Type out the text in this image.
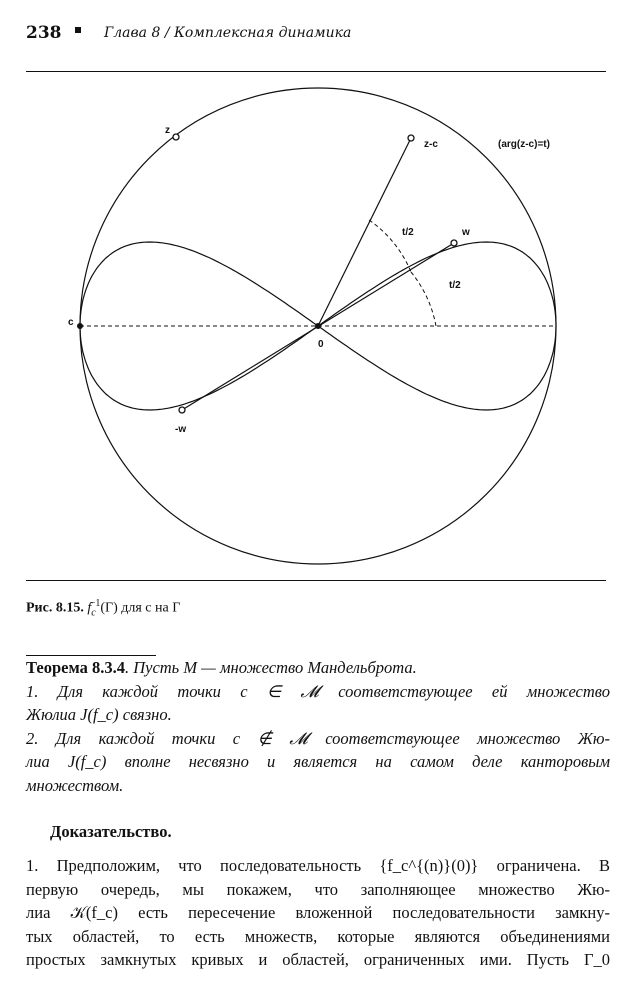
238	Глава 8 / Комплексная динамика
z
z-c	(arg(z-c)=t)
t/2	w
t/2
c
0
-w
Рис. 8.15. $f_c^{-1}(\Gamma)$ для c на Γ
Теорема 8.3.4. Пусть M — множество Мандельброта.
1. Для каждой точки c ∈ 𝓜 соответствующее ей множество
Жюлиа J(f_c) связно.
2. Для каждой точки c ∉ 𝓜 соответствующее множество Жю-
лиа J(f_c) вполне несвязно и является на самом деле канторовым
множеством.
Доказательство.
1. Предположим, что последовательность {f_c^{(n)}(0)} ограничена. В
первую очередь, мы покажем, что заполняющее множество Жю-
лиа 𝒦(f_c) есть пересечение вложенной последовательности замкну-
тых областей, то есть множеств, которые являются объединениями
простых замкнутых кривых и областей, ограниченных ими. Пусть Γ_0
